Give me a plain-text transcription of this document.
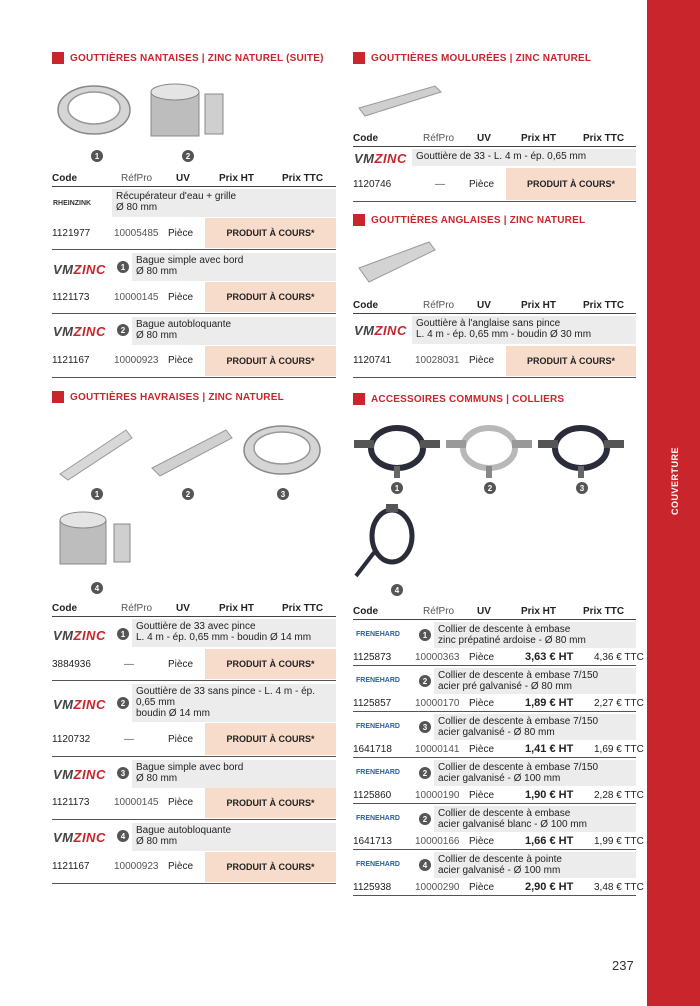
COUVERTURE
GOUTTIÈRES NANTAISES | ZINC NATUREL (SUITE)
1	2
Code	RéfPro UV	Prix HT	Prix TTC
RHEINZINK
Récupérateur d'eau + grille
Ø 80 mm
1121977 10005485 Pièce	PRODUIT À COURS*
VMZINC	1
Bague simple avec bord
Ø 80 mm
1121173 10000145 Pièce	PRODUIT À COURS*
VMZINC	2	Bague autobloquante
Ø 80 mm
1121167 10000923 Pièce	PRODUIT À COURS*
GOUTTIÈRES HAVRAISES | ZINC NATUREL
1	2	3
4
Code	RéfPro UV	Prix HT	Prix TTC
VMZINC	1
Gouttière de 33 avec pince
L. 4 m - ép. 0,65 mm - boudin Ø 14 mm
3884936	—	Pièce	PRODUIT À COURS*
VMZINC	2
Gouttière de 33 sans pince - L. 4 m - ép.
0,65 mm
boudin Ø 14 mm
1120732	—	Pièce	PRODUIT À COURS*
VMZINC	3	Bague simple avec bord
Ø 80 mm
1121173 10000145 Pièce	PRODUIT À COURS*
VMZINC	4	Bague autobloquante
Ø 80 mm
1121167 10000923 Pièce	PRODUIT À COURS*
GOUTTIÈRES MOULURÉES | ZINC NATUREL
Code	RéfPro UV	Prix HT	Prix TTC
VMZINC Gouttière de 33 - L. 4 m - ép. 0,65 mm
1120746	— Pièce	PRODUIT À COURS*
GOUTTIÈRES ANGLAISES | ZINC NATUREL
Code	RéfPro UV	Prix HT	Prix TTC
VMZINC Gouttière à l'anglaise sans pince
L. 4 m - ép. 0,65 mm - boudin Ø 30 mm
1120741 10028031 Pièce	PRODUIT À COURS*
ACCESSOIRES COMMUNS | COLLIERS
1	2	3
4
Code	RéfPro UV	Prix HT	Prix TTC
FRENEHARD	1	Collier de descente à embase
zinc prépatiné ardoise - Ø 80 mm
1125873 10000363 Pièce	3,63 € HT 4,36 € TTC
FRENEHARD	2	Collier de descente à embase 7/150
acier pré galvanisé - Ø 80 mm
1125857 10000170 Pièce	1,89 € HT 2,27 € TTC
FRENEHARD	3	Collier de descente à embase 7/150
acier galvanisé - Ø 80 mm
1641718 10000141 Pièce	1,41 € HT 1,69 € TTC
FRENEHARD	2	Collier de descente à embase 7/150
acier galvanisé - Ø 100 mm
1125860 10000190 Pièce	1,90 € HT 2,28 € TTC
FRENEHARD	2	Collier de descente à embase
acier galvanisé blanc - Ø 100 mm
1641713 10000166 Pièce	1,66 € HT 1,99 € TTC
FRENEHARD	4	Collier de descente à pointe
acier galvanisé - Ø 100 mm
1125938 10000290 Pièce	2,90 € HT 3,48 € TTC
237
